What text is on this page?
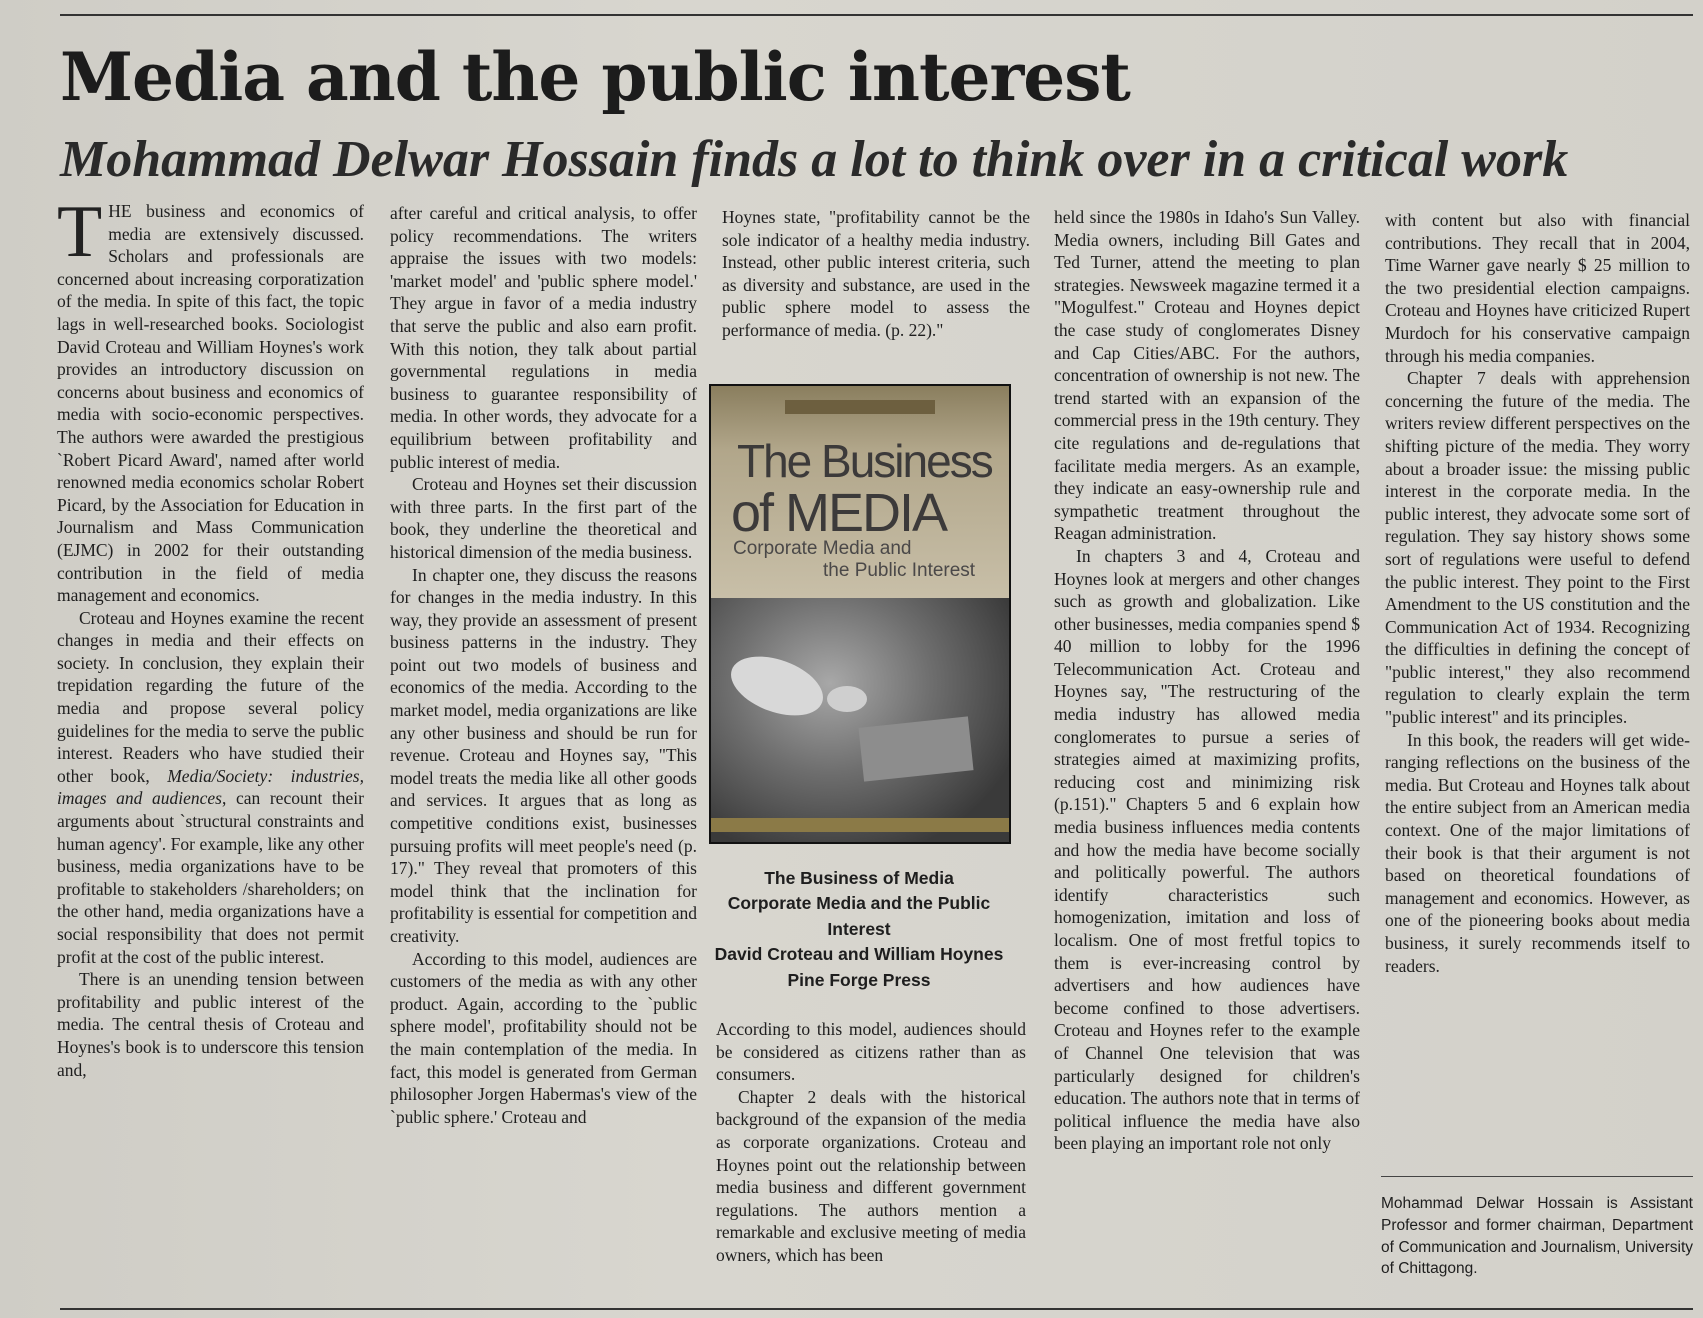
Media and the public interest
Mohammad Delwar Hossain finds a lot to think over in a critical work

THE business and economics of media are extensively discussed. Scholars and professionals are concerned about increasing corporatization of the media. In spite of this fact, the topic lags in well-researched books. Sociologist David Croteau and William Hoynes's work provides an introductory discussion on concerns about business and economics of media with socio-economic perspectives. The authors were awarded the prestigious `Robert Picard Award', named after world renowned media economics scholar Robert Picard, by the Association for Education in Journalism and Mass Communication (EJMC) in 2002 for their outstanding contribution in the field of media management and economics.

Croteau and Hoynes examine the recent changes in media and their effects on society. In conclusion, they explain their trepidation regarding the future of the media and propose several policy guidelines for the media to serve the public interest. Readers who have studied their other book, Media/Society: industries, images and audiences, can recount their arguments about `structural constraints and human agency'. For example, like any other business, media organizations have to be profitable to stakeholders /shareholders; on the other hand, media organizations have a social responsibility that does not permit profit at the cost of the public interest.

There is an unending tension between profitability and public interest of the media. The central thesis of Croteau and Hoynes's book is to underscore this tension and,

after careful and critical analysis, to offer policy recommendations. The writers appraise the issues with two models: 'market model' and 'public sphere model.' They argue in favor of a media industry that serve the public and also earn profit. With this notion, they talk about partial governmental regulations in media business to guarantee responsibility of media. In other words, they advocate for a equilibrium between profitability and public interest of media.

Croteau and Hoynes set their discussion with three parts. In the first part of the book, they underline the theoretical and historical dimension of the media business.

In chapter one, they discuss the reasons for changes in the media industry. In this way, they provide an assessment of present business patterns in the industry. They point out two models of business and economics of the media. According to the market model, media organizations are like any other business and should be run for revenue. Croteau and Hoynes say, "This model treats the media like all other goods and services. It argues that as long as competitive conditions exist, businesses pursuing profits will meet people's need (p. 17)." They reveal that promoters of this model think that the inclination for profitability is essential for competition and creativity.

According to this model, audiences are customers of the media as with any other product. Again, according to the `public sphere model', profitability should not be the main contemplation of the media. In fact, this model is generated from German philosopher Jorgen Habermas's view of the `public sphere.' Croteau and

Hoynes state, "profitability cannot be the sole indicator of a healthy media industry. Instead, other public interest criteria, such as diversity and substance, are used in the public sphere model to assess the performance of media. (p. 22)."

The Business
of MEDIA
Corporate Media and
the Public Interest
The Business of Media
Corporate Media and the Public Interest
David Croteau and William Hoynes
Pine Forge Press

According to this model, audiences should be considered as citizens rather than as consumers.

Chapter 2 deals with the historical background of the expansion of the media as corporate organizations. Croteau and Hoynes point out the relationship between media business and different government regulations. The authors mention a remarkable and exclusive meeting of media owners, which has been

held since the 1980s in Idaho's Sun Valley. Media owners, including Bill Gates and Ted Turner, attend the meeting to plan strategies. Newsweek magazine termed it a "Mogulfest." Croteau and Hoynes depict the case study of conglomerates Disney and Cap Cities/ABC. For the authors, concentration of ownership is not new. The trend started with an expansion of the commercial press in the 19th century. They cite regulations and de-regulations that facilitate media mergers. As an example, they indicate an easy-ownership rule and sympathetic treatment throughout the Reagan administration.

In chapters 3 and 4, Croteau and Hoynes look at mergers and other changes such as growth and globalization. Like other businesses, media companies spend $ 40 million to lobby for the 1996 Telecommunication Act. Croteau and Hoynes say, "The restructuring of the media industry has allowed media conglomerates to pursue a series of strategies aimed at maximizing profits, reducing cost and minimizing risk (p.151)." Chapters 5 and 6 explain how media business influences media contents and how the media have become socially and politically powerful. The authors identify characteristics such homogenization, imitation and loss of localism. One of most fretful topics to them is ever-increasing control by advertisers and how audiences have become confined to those advertisers. Croteau and Hoynes refer to the example of Channel One television that was particularly designed for children's education. The authors note that in terms of political influence the media have also been playing an important role not only

with content but also with financial contributions. They recall that in 2004, Time Warner gave nearly $ 25 million to the two presidential election campaigns. Croteau and Hoynes have criticized Rupert Murdoch for his conservative campaign through his media companies.

Chapter 7 deals with apprehension concerning the future of the media. The writers review different perspectives on the shifting picture of the media. They worry about a broader issue: the missing public interest in the corporate media. In the public interest, they advocate some sort of regulation. They say history shows some sort of regulations were useful to defend the public interest. They point to the First Amendment to the US constitution and the Communication Act of 1934. Recognizing the difficulties in defining the concept of "public interest," they also recommend regulation to clearly explain the term "public interest" and its principles.

In this book, the readers will get wide-ranging reflections on the business of the media. But Croteau and Hoynes talk about the entire subject from an American media context. One of the major limitations of their book is that their argument is not based on theoretical foundations of management and economics. However, as one of the pioneering books about media business, it surely recommends itself to readers.

Mohammad Delwar Hossain is Assistant Professor and former chairman, Department of Communication and Journalism, University of Chittagong.
